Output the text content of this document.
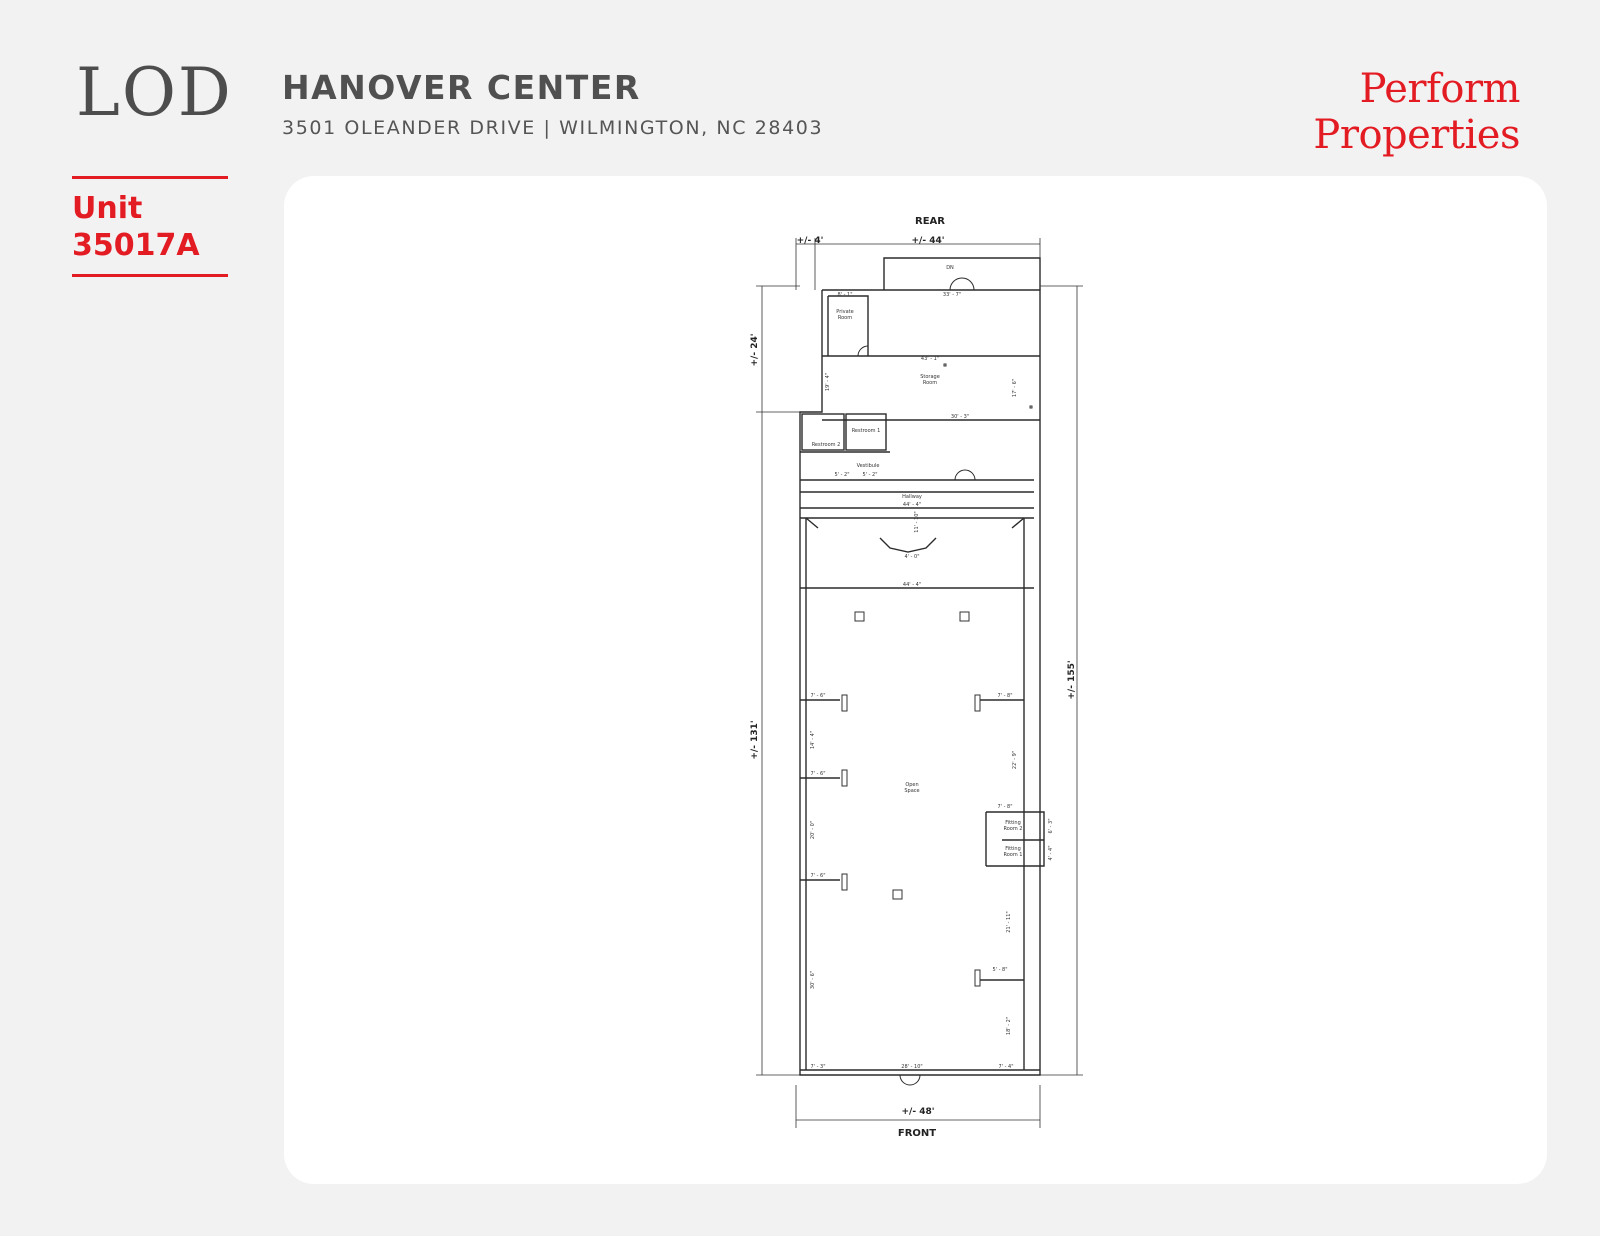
LOD HANOVER CENTER
3501 OLEANDER DRIVE | WILMINGTON, NC 28403
Perform Properties
Unit
35017A
REAR
FRONT
+/- 4'	+/- 44'
+/- 24'
+/- 131'
+/- 155'
+/- 48'
Private
Room
Storage
Room
Restroom 1
Restroom 2
Vestibule
Hallway
Open
Space
Fitting
Room 2
Fitting
Room 1
DN
33' - 7"
8' - 1"
43' - 1"
30' - 3"
19' - 4"	17' - 6"
44' - 4"
44' - 4"
11' - 10"
4' - 0"
5' - 2"	5' - 2"
7' - 6"
7' - 6"
7' - 6"
7' - 8"
7' - 8"
14' - 4"
22' - 9"
20' - 0"
21' - 11"
30' - 6"
5' - 8"
18' - 2"
28' - 10"
7' - 3"	7' - 4"
6' - 3"
4' - 4"
